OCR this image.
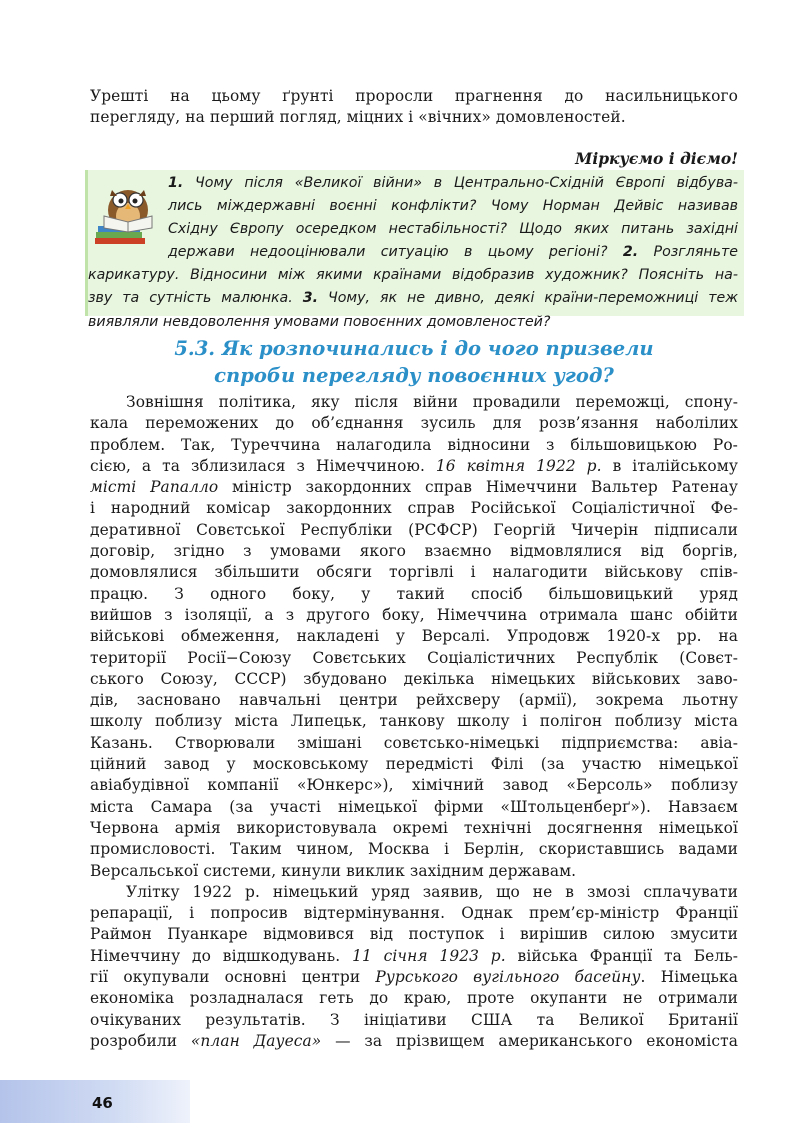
Урешті на цьому ґрунті проросли прагнення до насильницького
перегляду, на перший погляд, міцних і «вічних» домовленостей.
Міркуємо і діємо!
1. Чому після «Великої війни» в Центрально-Східній Європі відбува-
лись міждержавні воєнні конфлікти? Чому Норман Дейвіс називав
Східну Європу осередком нестабільності? Щодо яких питань західні
держави недооцінювали ситуацію в цьому регіоні? 2. Розгляньте
карикатуру. Відносини між якими країнами відобразив художник? Поясніть на-
зву та сутність малюнка. 3. Чому, як не дивно, деякі країни-переможниці теж
виявляли невдоволення умовами повоєнних домовленостей?
5.3. Як розпочинались і до чого призвели
спроби перегляду повоєнних угод?
Зовнішня політика, яку після війни провадили переможці, спону-
кала переможених до об’єднання зусиль для розв’язання наболілих
проблем. Так, Туреччина налагодила відносини з більшовицькою Ро-
сією, а та зблизилася з Німеччиною. 16 квітня 1922 р. в італійському
місті Рапалло міністр закордонних справ Німеччини Вальтер Ратенау
і народний комісар закордонних справ Російської Соціалістичної Фе-
деративної Совєтської Республіки (РСФСР) Георгій Чичерін підписали
договір, згідно з умовами якого взаємно відмовлялися від боргів,
домовлялися збільшити обсяги торгівлі і налагодити військову спів-
працю. З одного боку, у такий спосіб більшовицький уряд
вийшов з ізоляції, а з другого боку, Німеччина отримала шанс обійти
військові обмеження, накладені у Версалі. Упродовж 1920-х рр. на
території Росії−Союзу Совєтських Соціалістичних Республік (Совєт-
ського Союзу, СССР) збудовано декілька німецьких військових заво-
дів, засновано навчальні центри рейхсверу (армії), зокрема льотну
школу поблизу міста Липецьк, танкову школу і полігон поблизу міста
Казань. Створювали змішані совєтсько-німецькі підприємства: авіа-
ційний завод у московському передмісті Філі (за участю німецької
авіабудівної компанії «Юнкерс»), хімічний завод «Берсоль» поблизу
міста Самара (за участі німецької фірми «Штольценберґ»). Навзаєм
Червона армія використовувала окремі технічні досягнення німецької
промисловості. Таким чином, Москва і Берлін, скориставшись вадами
Версальської системи, кинули виклик західним державам.
Улітку 1922 р. німецький уряд заявив, що не в змозі сплачувати
репарації, і попросив відтермінування. Однак прем’єр-міністр Франції
Раймон Пуанкаре відмовився від поступок і вирішив силою змусити
Німеччину до відшкодувань. 11 січня 1923 р. війська Франції та Бель-
гії окупували основні центри Рурського вугільного басейну. Німецька
економіка розладналася геть до краю, проте окупанти не отримали
очікуваних результатів. З ініціативи США та Великої Британії
розробили «план Дауеса» — за прізвищем американського економіста
46
